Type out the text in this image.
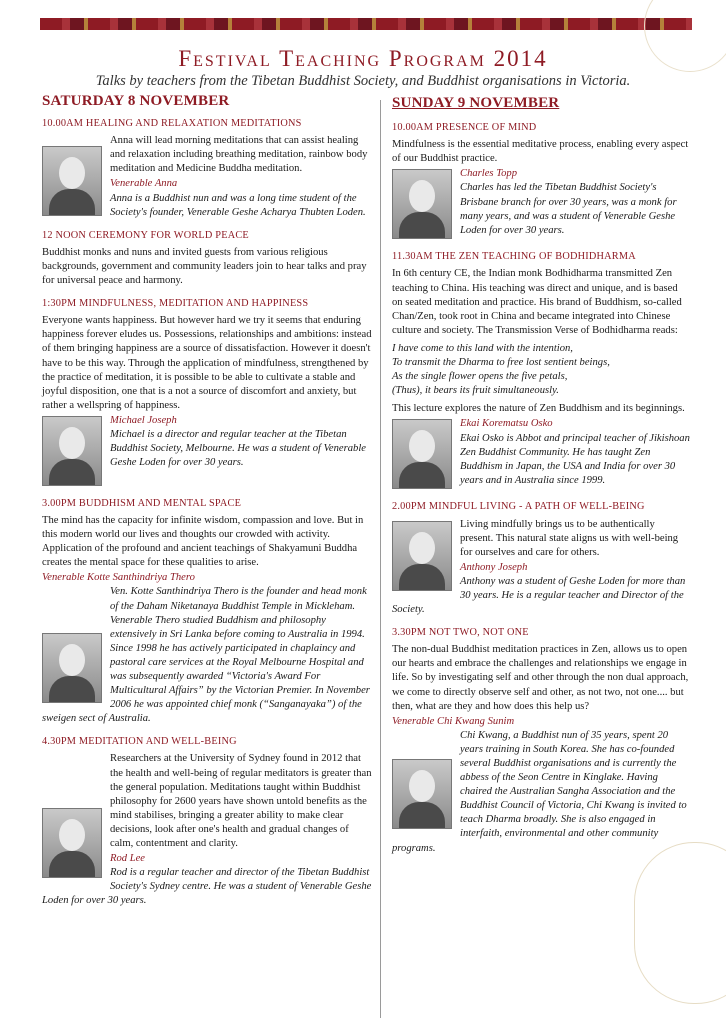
Festival Teaching Program 2014
Talks by teachers from the Tibetan Buddhist Society, and Buddhist organisations in Victoria.
SATURDAY 8 NOVEMBER
10.00AM HEALING AND RELAXATION MEDITATIONS
Anna will lead morning meditations that can assist healing and relaxation including breathing meditation, rainbow body meditation and Medicine Buddha meditation.
Venerable Anna
Anna is a Buddhist nun and was a long time student of the Society's founder, Venerable Geshe Acharya Thubten Loden.
12 NOON CEREMONY FOR WORLD PEACE
Buddhist monks and nuns and invited guests from various religious backgrounds, government and community leaders join to hear talks and pray for universal peace and harmony.
1:30PM MINDFULNESS, MEDITATION AND HAPPINESS
Everyone wants happiness. But however hard we try it seems that enduring happiness forever eludes us. Possessions, relationships and ambitions: instead of them bringing happiness are a source of dissatisfaction. However it doesn't have to be this way. Through the application of mindfulness, strengthened by the practice of meditation, it is possible to be able to cultivate a stable and joyful disposition, one that is a not a source of discomfort and anxiety, but rather a wellspring of happiness.
Michael Joseph
Michael is a director and regular teacher at the Tibetan Buddhist Society, Melbourne. He was a student of Venerable Geshe Loden for over 30 years.
3.00PM BUDDHISM AND MENTAL SPACE
The mind has the capacity for infinite wisdom, compassion and love. But in this modern world our lives and thoughts our crowded with activity. Application of the profound and ancient teachings of Shakyamuni Buddha creates the mental space for these qualities to arise.
Venerable Kotte Santhindriya Thero
Ven. Kotte Santhindriya Thero is the founder and head monk of the Daham Niketanaya Buddhist Temple in Mickleham. Venerable Thero studied Buddhism and philosophy extensively in Sri Lanka before coming to Australia in 1994. Since 1998 he has actively participated in chaplaincy and pastoral care services at the Royal Melbourne Hospital and was subsequently awarded “Victoria's Award For Multicultural Affairs” by the Victorian Premier. In November 2006 he was appointed chief monk (“Sanganayaka”) of the sweigen sect of Australia.
4.30PM MEDITATION AND WELL-BEING
Researchers at the University of Sydney found in 2012 that the health and well-being of regular meditators is greater than the general population. Meditations taught within Buddhist philosophy for 2600 years have shown untold benefits as the mind stabilises, bringing a greater ability to make clear decisions, look after one's health and gradual changes of calm, contentment and clarity.
Rod Lee
Rod is a regular teacher and director of the Tibetan Buddhist Society's Sydney centre. He was a student of Venerable Geshe Loden for over 30 years.
SUNDAY 9 NOVEMBER
10.00AM PRESENCE OF MIND
Mindfulness is the essential meditative process, enabling every aspect of our Buddhist practice.
Charles Topp
Charles has led the Tibetan Buddhist Society's Brisbane branch for over 30 years, was a monk for many years, and was a student of Venerable Geshe Loden for over 30 years.
11.30AM THE ZEN TEACHING OF BODHIDHARMA
In 6th century CE, the Indian monk Bodhidharma transmitted Zen teaching to China. His teaching was direct and unique, and is based on seated meditation and practice. His brand of Buddhism, so-called Chan/Zen, took root in China and became integrated into Chinese culture and society. The Transmission Verse of Bodhidharma reads:
I have come to this land with the intention,
To transmit the Dharma to free lost sentient beings,
As the single flower opens the five petals,
(Thus), it bears its fruit simultaneously.
This lecture explores the nature of Zen Buddhism and its beginnings.
Ekai Korematsu Osko
Ekai Osko is Abbot and principal teacher of Jikishoan Zen Buddhist Community. He has taught Zen Buddhism in Japan, the USA and India for over 30 years and in Australia since 1999.
2.00PM MINDFUL LIVING - A PATH OF WELL-BEING
Living mindfully brings us to be authentically present. This natural state aligns us with well-being for ourselves and care for others.
Anthony Joseph
Anthony was a student of Geshe Loden for more than 30 years. He is a regular teacher and Director of the Society.
3.30PM NOT TWO, NOT ONE
The non-dual Buddhist meditation practices in Zen, allows us to open our hearts and embrace the challenges and relationships we engage in life. So by investigating self and other through the non dual approach, we come to directly observe self and other, as not two, not one.... but then, what are they and how does this help us?
Venerable Chi Kwang Sunim
Chi Kwang, a Buddhist nun of 35 years, spent 20 years training in South Korea. She has co-founded several Buddhist organisations and is currently the abbess of the Seon Centre in Kinglake. Having chaired the Australian Sangha Association and the Buddhist Council of Victoria, Chi Kwang is invited to teach Dharma broadly. She is also engaged in interfaith, environmental and other community programs.
